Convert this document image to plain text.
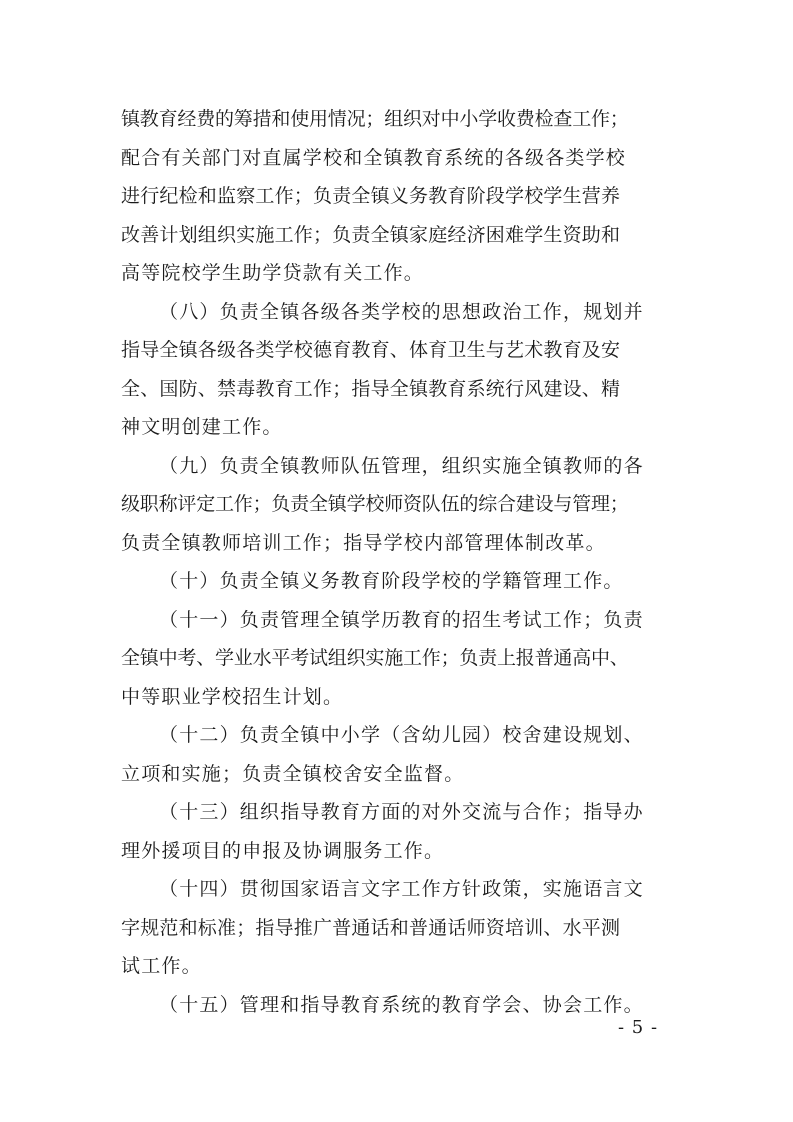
镇教育经费的筹措和使用情况；组织对中小学收费检查工作；
配合有关部门对直属学校和全镇教育系统的各级各类学校
进行纪检和监察工作；负责全镇义务教育阶段学校学生营养
改善计划组织实施工作；负责全镇家庭经济困难学生资助和
高等院校学生助学贷款有关工作。
（八）负责全镇各级各类学校的思想政治工作，规划并
指导全镇各级各类学校德育教育、体育卫生与艺术教育及安
全、国防、禁毒教育工作；指导全镇教育系统行风建设、精
神文明创建工作。
（九）负责全镇教师队伍管理，组织实施全镇教师的各
级职称评定工作；负责全镇学校师资队伍的综合建设与管理；
负责全镇教师培训工作；指导学校内部管理体制改革。
（十）负责全镇义务教育阶段学校的学籍管理工作。
（十一）负责管理全镇学历教育的招生考试工作；负责
全镇中考、学业水平考试组织实施工作；负责上报普通高中、
中等职业学校招生计划。
（十二）负责全镇中小学（含幼儿园）校舍建设规划、
立项和实施；负责全镇校舍安全监督。
（十三）组织指导教育方面的对外交流与合作；指导办
理外援项目的申报及协调服务工作。
（十四）贯彻国家语言文字工作方针政策，实施语言文
字规范和标准；指导推广普通话和普通话师资培训、水平测
试工作。
（十五）管理和指导教育系统的教育学会、协会工作。
- 5 -
